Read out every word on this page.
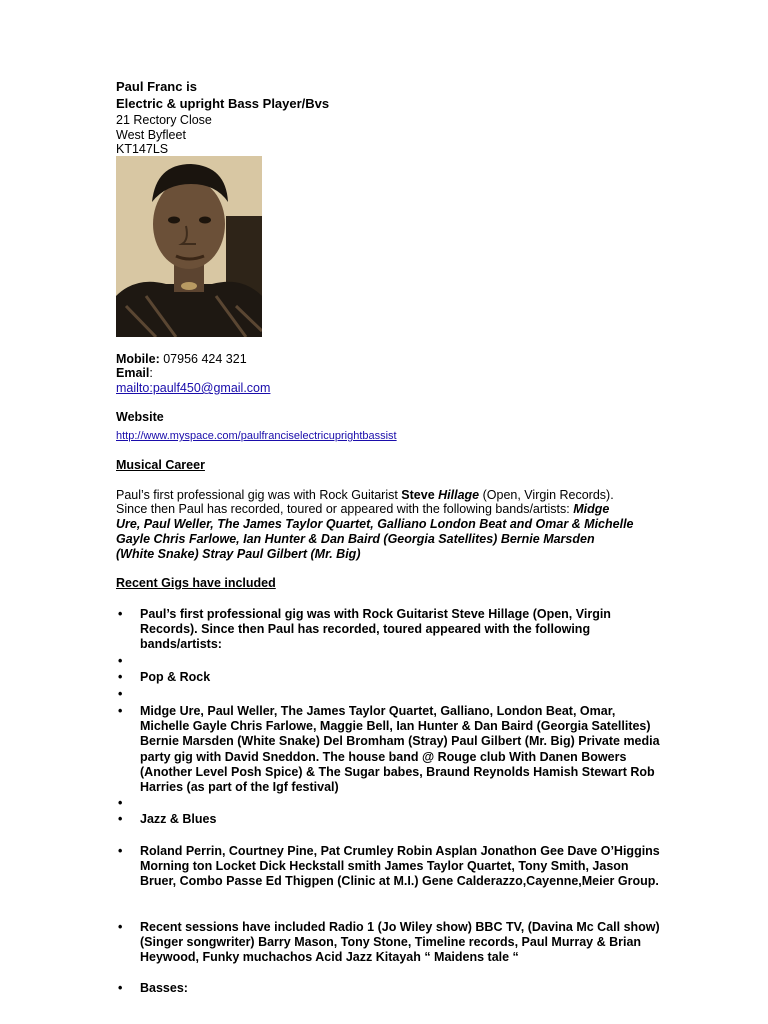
Paul Franc is
Electric & upright Bass Player/Bvs
21 Rectory Close
West Byfleet
KT147LS
Mobile: 07956 424 321
Email:
mailto:paulf450@gmail.com
Website
http://www.myspace.com/paulfranciselectricuprightbassist
Musical Career
Paul’s first professional gig was with Rock Guitarist Steve Hillage (Open, Virgin Records).
Since then Paul has recorded, toured or appeared with the following bands/artists: Midge
Ure, Paul Weller, The James Taylor Quartet, Galliano London Beat and Omar & Michelle
Gayle Chris Farlowe, Ian Hunter & Dan Baird (Georgia Satellites) Bernie Marsden
(White Snake) Stray Paul Gilbert (Mr. Big)
Recent Gigs have included
• Paul’s first professional gig was with Rock Guitarist Steve Hillage (Open, Virgin Records). Since then Paul has recorded, toured appeared with the following bands/artists:
•
• Pop & Rock
•
• Midge Ure, Paul Weller, The James Taylor Quartet, Galliano, London Beat, Omar, Michelle Gayle Chris Farlowe, Maggie Bell, Ian Hunter & Dan Baird (Georgia Satellites) Bernie Marsden (White Snake) Del Bromham (Stray) Paul Gilbert (Mr. Big) Private media party gig with David Sneddon. The house band @ Rouge club With Danen Bowers (Another Level Posh Spice) & The Sugar babes, Braund Reynolds Hamish Stewart Rob Harries (as part of the Igf festival)
•
• Jazz & Blues
• Roland Perrin, Courtney Pine, Pat Crumley Robin Asplan Jonathon Gee Dave O’Higgins Morning ton Locket Dick Heckstall smith James Taylor Quartet, Tony Smith, Jason Bruer, Combo Passe Ed Thigpen (Clinic at M.I.) Gene Calderazzo,Cayenne,Meier Group.
• Recent sessions have included Radio 1 (Jo Wiley show) BBC TV, (Davina Mc Call show) (Singer songwriter) Barry Mason, Tony Stone, Timeline records, Paul Murray & Brian Heywood, Funky muchachos Acid Jazz Kitayah “ Maidens tale “
• Basses:
